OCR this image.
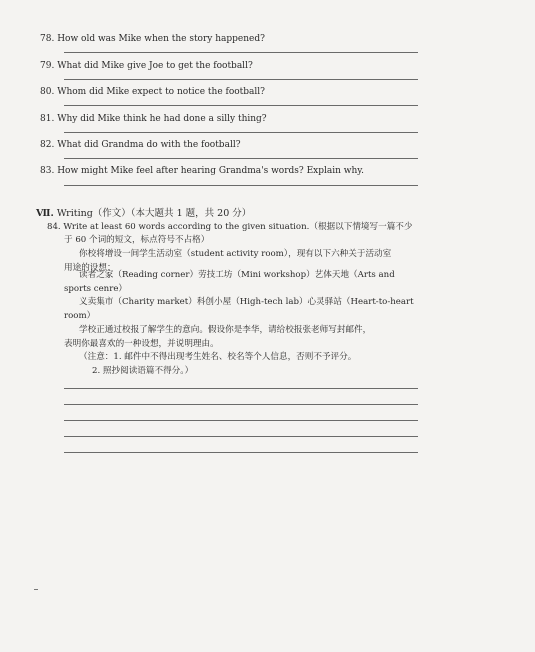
78. How old was Mike when the story happened?
79. What did Mike give Joe to get the football?
80. Whom did Mike expect to notice the football?
81. Why did Mike think he had done a silly thing?
82. What did Grandma do with the football?
83. How might Mike feel after hearing Grandma's words? Explain why.
Ⅶ. Writing（作文）（本大题共 1 题，共 20 分）
84. Write at least 60 words according to the given situation.（根据以下情境写一篇不少
于 60 个词的短文，标点符号不占格）
你校将增设一间学生活动室（student activity room），现有以下六种关于活动室
用途的设想：
读者之家（Reading corner）劳技工坊（Mini workshop）艺体天地（Arts and
sports cenre）
义卖集市（Charity market）科创小屋（High-tech lab）心灵驿站（Heart-to-heart
room）
学校正通过校报了解学生的意向。假设你是李华，请给校报张老师写封邮件，
表明你最喜欢的一种设想，并说明理由。
（注意：1. 邮件中不得出现考生姓名、校名等个人信息，否则不予评分。
2. 照抄阅读语篇不得分。）
